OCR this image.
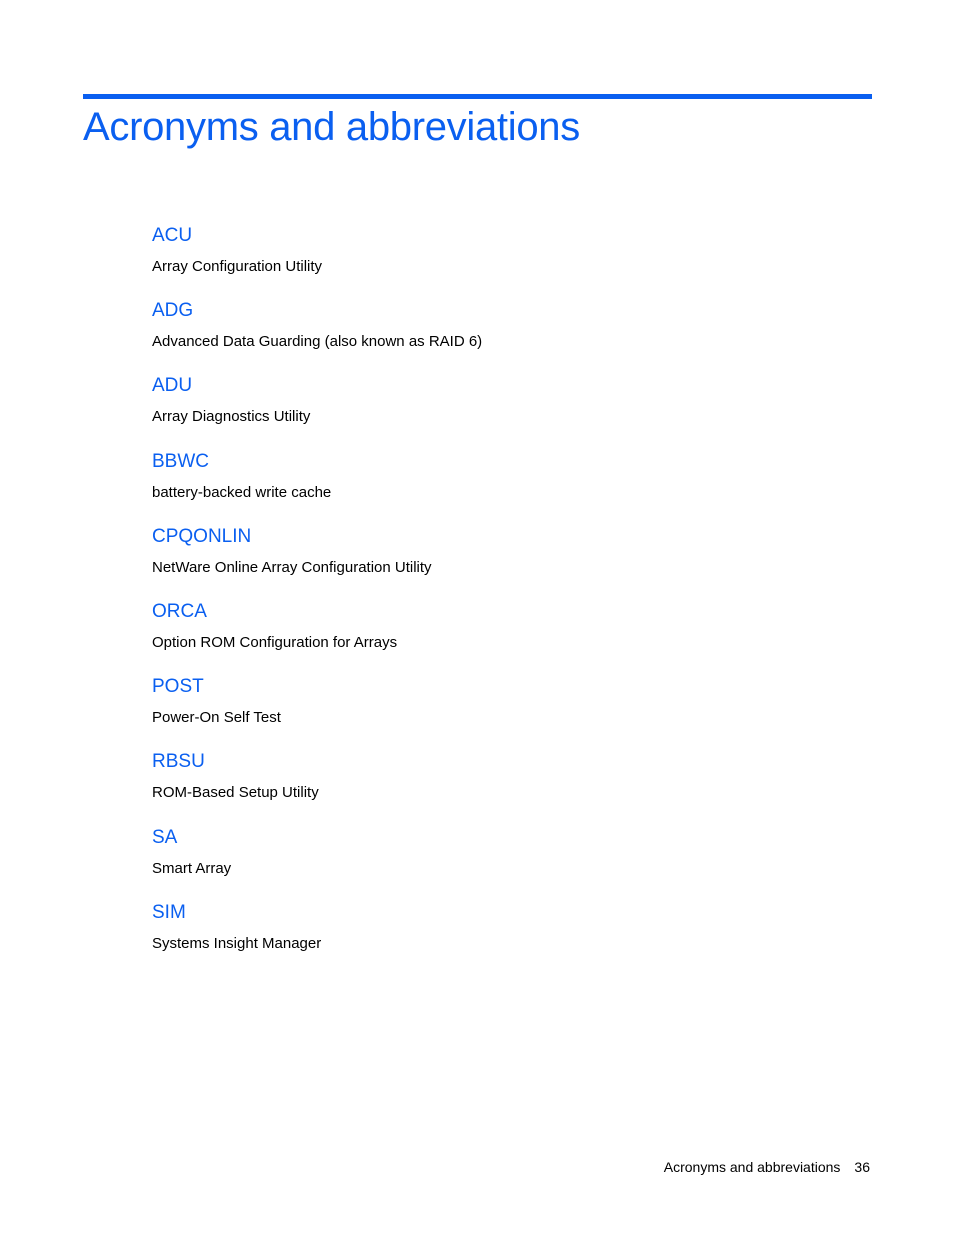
Acronyms and abbreviations
ACU
Array Configuration Utility
ADG
Advanced Data Guarding (also known as RAID 6)
ADU
Array Diagnostics Utility
BBWC
battery-backed write cache
CPQONLIN
NetWare Online Array Configuration Utility
ORCA
Option ROM Configuration for Arrays
POST
Power-On Self Test
RBSU
ROM-Based Setup Utility
SA
Smart Array
SIM
Systems Insight Manager
Acronyms and abbreviations 36
